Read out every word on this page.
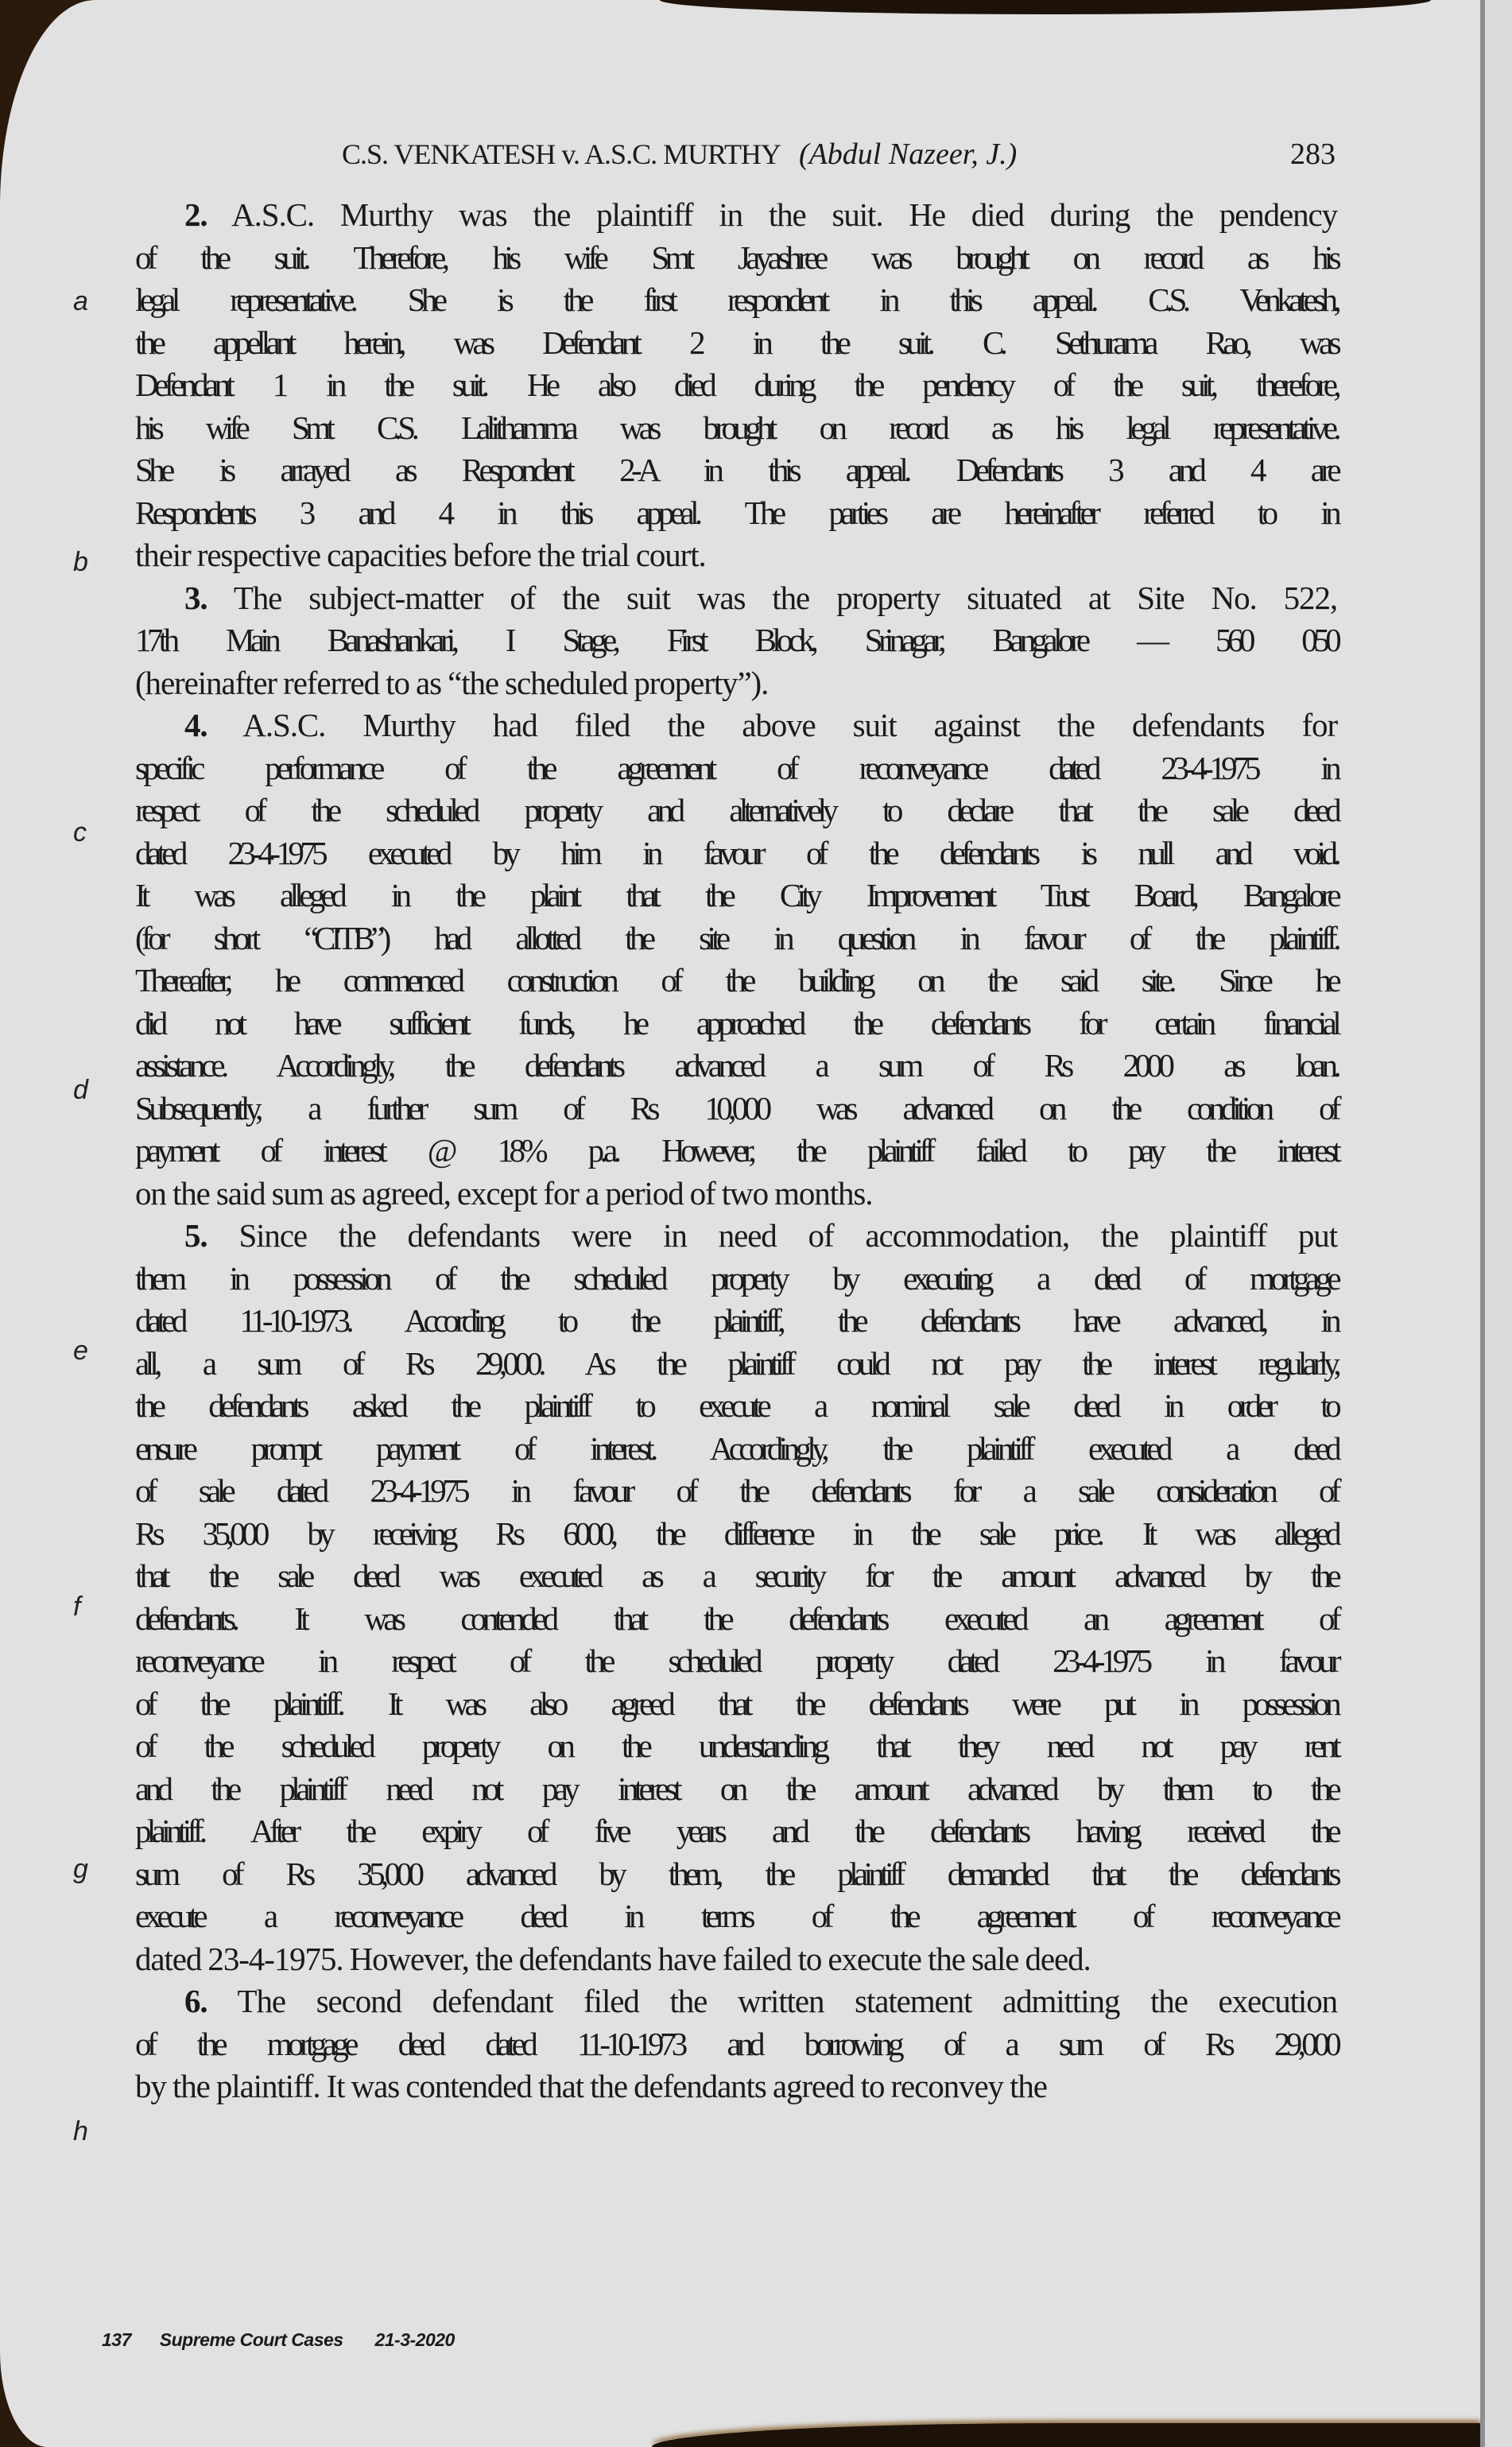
C.S. VENKATESH v. A.S.C. MURTHY (Abdul Nazeer, J.)	283
a
b
c
d
e
f
g
h
2. A.S.C. Murthy was the plaintiff in the suit. He died during the pendency
of the suit. Therefore, his wife Smt Jayashree was brought on record as his
legal representative. She is the first respondent in this appeal. C.S. Venkatesh,
the appellant herein, was Defendant 2 in the suit. C. Sethurama Rao, was
Defendant 1 in the suit. He also died during the pendency of the suit, therefore,
his wife Smt C.S. Lalithamma was brought on record as his legal representative.
She is arrayed as Respondent 2-A in this appeal. Defendants 3 and 4 are
Respondents 3 and 4 in this appeal. The parties are hereinafter referred to in
their respective capacities before the trial court.
3. The subject-matter of the suit was the property situated at Site No. 522,
17th Main Banashankari, I Stage, First Block, Srinagar, Bangalore — 560 050
(hereinafter referred to as “the scheduled property”).
4. A.S.C. Murthy had filed the above suit against the defendants for
specific performance of the agreement of reconveyance dated 23-4-1975 in
respect of the scheduled property and alternatively to declare that the sale deed
dated 23-4-1975 executed by him in favour of the defendants is null and void.
It was alleged in the plaint that the City Improvement Trust Board, Bangalore
(for short “CITB”) had allotted the site in question in favour of the plaintiff.
Thereafter, he commenced construction of the building on the said site. Since he
did not have sufficient funds, he approached the defendants for certain financial
assistance. Accordingly, the defendants advanced a sum of Rs 2000 as loan.
Subsequently, a further sum of Rs 10,000 was advanced on the condition of
payment of interest @ 18% p.a. However, the plaintiff failed to pay the interest
on the said sum as agreed, except for a period of two months.
5. Since the defendants were in need of accommodation, the plaintiff put
them in possession of the scheduled property by executing a deed of mortgage
dated 11-10-1973. According to the plaintiff, the defendants have advanced, in
all, a sum of Rs 29,000. As the plaintiff could not pay the interest regularly,
the defendants asked the plaintiff to execute a nominal sale deed in order to
ensure prompt payment of interest. Accordingly, the plaintiff executed a deed
of sale dated 23-4-1975 in favour of the defendants for a sale consideration of
Rs 35,000 by receiving Rs 6000, the difference in the sale price. It was alleged
that the sale deed was executed as a security for the amount advanced by the
defendants. It was contended that the defendants executed an agreement of
reconveyance in respect of the scheduled property dated 23-4-1975 in favour
of the plaintiff. It was also agreed that the defendants were put in possession
of the scheduled property on the understanding that they need not pay rent
and the plaintiff need not pay interest on the amount advanced by them to the
plaintiff. After the expiry of five years and the defendants having received the
sum of Rs 35,000 advanced by them, the plaintiff demanded that the defendants
execute a reconveyance deed in terms of the agreement of reconveyance
dated 23-4-1975. However, the defendants have failed to execute the sale deed.
6. The second defendant filed the written statement admitting the execution
of the mortgage deed dated 11-10-1973 and borrowing of a sum of Rs 29,000
by the plaintiff. It was contended that the defendants agreed to reconvey the
137 Supreme Court Cases 21-3-2020
